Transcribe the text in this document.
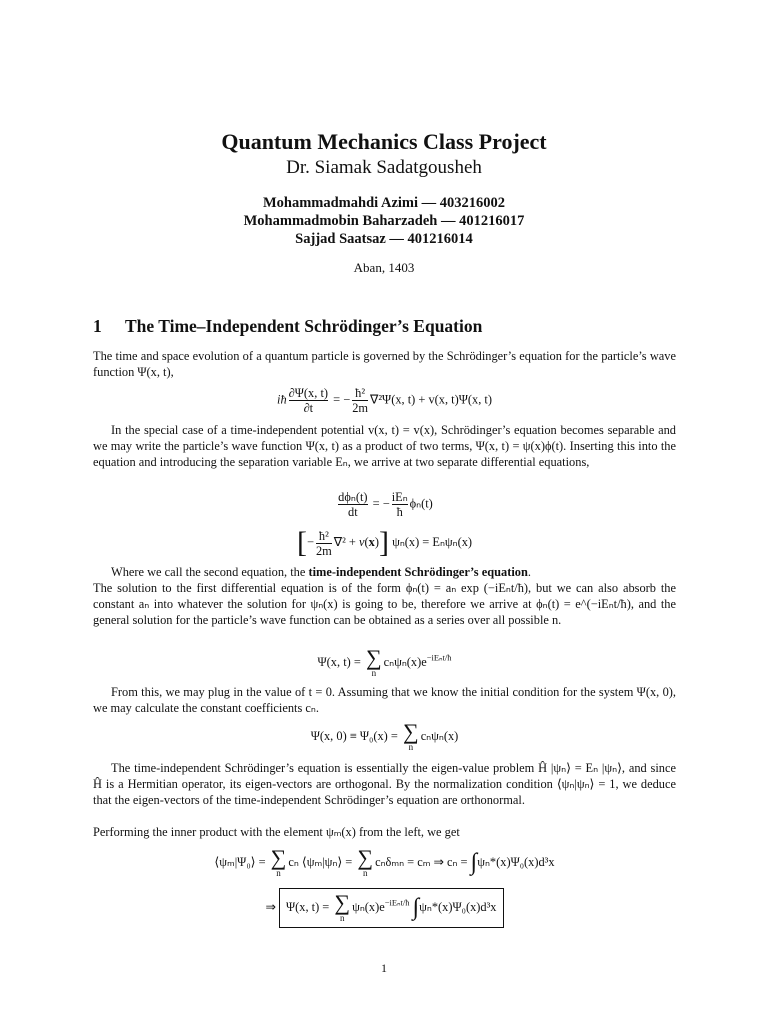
Quantum Mechanics Class Project

Dr. Siamak Sadatgousheh

Mohammadmahdi Azimi — 403216002
Mohammadmobin Baharzadeh — 401216017
Sajjad Saatsaz — 401216014
Aban, 1403
1 The Time–Independent Schrödinger’s Equation

The time and space evolution of a quantum particle is governed by the Schrödinger’s equation for the particle’s wave function Ψ(x, t),

iħ $\frac{\partial\Psi(x, t)}{\partial t}$ = − $\frac{\text{ħ²}}{2m} \nabla^2\Psi(x$, t) + v(x, t)Ψ(x, t)

In the special case of a time-independent potential v(x, t) = v(x), Schrödinger’s equation becomes separable and we may write the particle’s wave function Ψ(x, t) as a product of two terms, Ψ(x, t) = ψ(x)ϕ(t). Inserting this into the equation and introducing the separation variable Eₙ, we arrive at two separate differential equations,

$\frac{\text{dϕₙ(t)}}{dt}$ = − $\frac{\text{iEₙ}}{ħ} \phi_n(t)$
[− $\frac{\text{ħ²}}{2m} \nabla^2 + v(x)$] ψₙ(x) = Eₙψₙ(x)

Where we call the second equation, the time-independent Schrödinger’s equation.

The solution to the first differential equation is of the form ϕₙ(t) = aₙ exp (−iEₙt/ħ), but we can also absorb the constant aₙ into whatever the solution for ψₙ(x) is going to be, therefore we arrive at ϕₙ(t) = e^(−iEₙt/ħ), and the general solution for the particle’s wave function can be obtained as a series over all possible n.

Ψ(x, t) = ∑
n
$c_n\psi_n(x)e^{-iE_nt/ħ}$

From this, we may plug in the value of t = 0. Assuming that we know the initial condition for the system Ψ(x, 0), we may calculate the constant coefficients cₙ.

Ψ(x, 0) ≡ Ψ₀(x) = ∑
n
cₙψₙ(x)

The time-independent Schrödinger’s equation is essentially the eigen-value problem Ĥ |ψₙ⟩ = Eₙ |ψₙ⟩, and since Ĥ is a Hermitian operator, its eigen-vectors are orthogonal. By the normalization condition ⟨ψₙ|ψₙ⟩ = 1, we deduce that the eigen-vectors of the time-independent Schrödinger’s equation are orthonormal.

Performing the inner product with the element ψₘ(x) from the left, we get

⟨ψₘ|Ψ₀⟩ = ∑
n
cₙ ⟨ψₘ|ψₙ⟩ = ∑
n
cₙδₘₙ = cₘ ⇒ cₙ = ∫ψₙ*(x)Ψ₀(x)d³x
⇒ Ψ(x, t) = ∑
n
$\psi_n(x)e^{-iE_nt/ħ}$ ∫ψₙ*(x)Ψ₀(x)d³x
1
